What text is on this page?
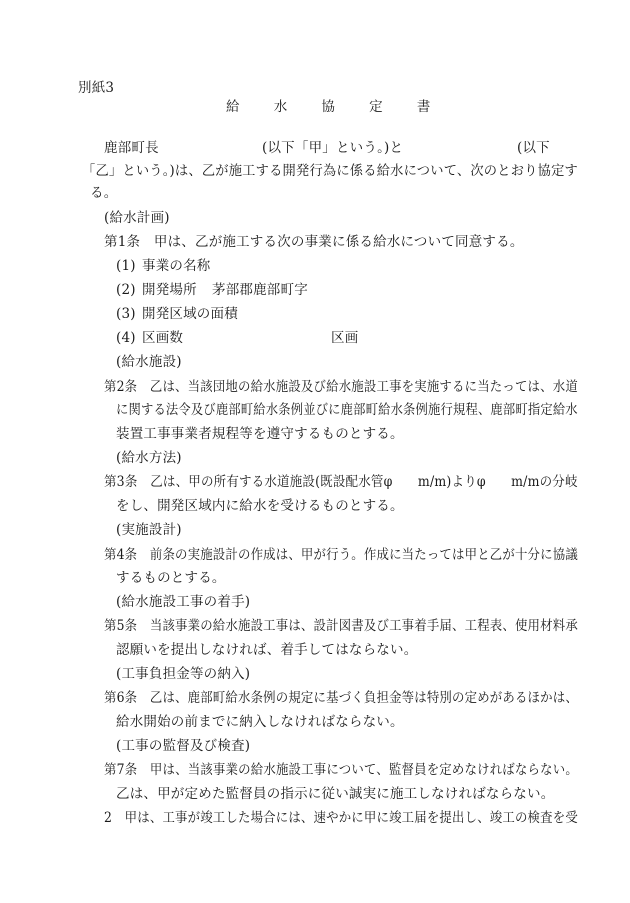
別紙3
給	水	協	定	書
鹿部町長	(以下「甲」という。)と	(以下
「乙」という。)は、乙が施工する開発行為に係る給水について、次のとおり協定す
る。
(給水計画)
第1条　甲は、乙が施工する次の事業に係る給水について同意する。
(1) 事業の名称
(2) 開発場所 茅部郡鹿部町字
(3) 開発区域の面積
(4) 区画数	区画
(給水施設)
第2条　乙は、当該団地の給水施設及び給水施設工事を実施するに当たっては、水道
に関する法令及び鹿部町給水条例並びに鹿部町給水条例施行規程、鹿部町指定給水
装置工事事業者規程等を遵守するものとする。
(給水方法)
第3条　乙は、甲の所有する水道施設(既設配水管φ　　m/m)よりφ　　m/mの分岐
をし、開発区域内に給水を受けるものとする。
(実施設計)
第4条　前条の実施設計の作成は、甲が行う。作成に当たっては甲と乙が十分に協議
するものとする。
(給水施設工事の着手)
第5条　当該事業の給水施設工事は、設計図書及び工事着手届、工程表、使用材料承
認願いを提出しなければ、着手してはならない。
(工事負担金等の納入)
第6条　乙は、鹿部町給水条例の規定に基づく負担金等は特別の定めがあるほかは、
給水開始の前までに納入しなければならない。
(工事の監督及び検査)
第7条　甲は、当該事業の給水施設工事について、監督員を定めなければならない。
乙は、甲が定めた監督員の指示に従い誠実に施工しなければならない。
2　甲は、工事が竣工した場合には、速やかに甲に竣工届を提出し、竣工の検査を受
